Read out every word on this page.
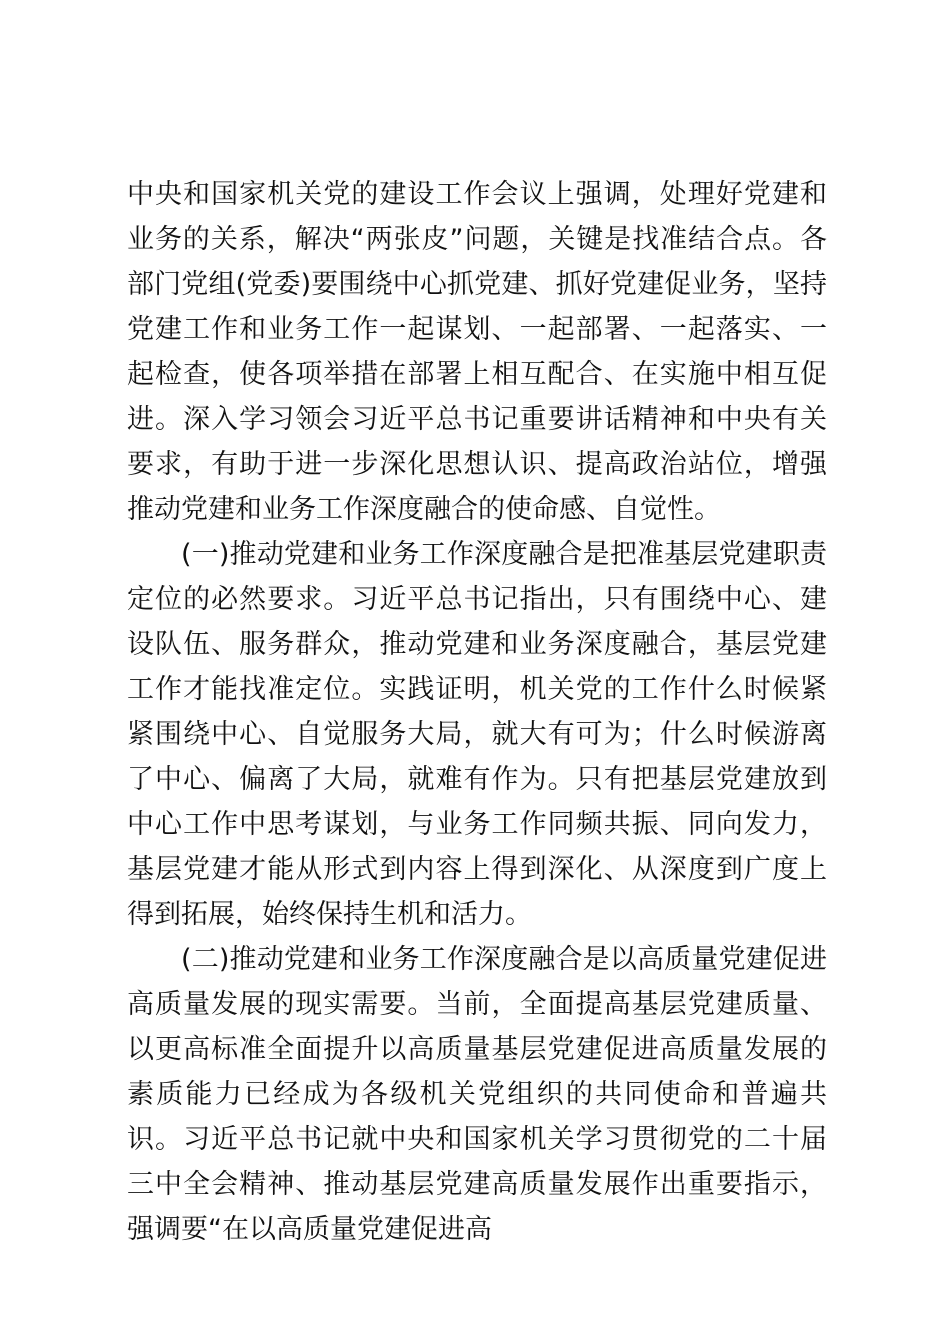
中央和国家机关党的建设工作会议上强调，处理好党建和业务的关系，解决“两张皮”问题，关键是找准结合点。各部门党组(党委)要围绕中心抓党建、抓好党建促业务，坚持党建工作和业务工作一起谋划、一起部署、一起落实、一起检查，使各项举措在部署上相互配合、在实施中相互促进。深入学习领会习近平总书记重要讲话精神和中央有关要求，有助于进一步深化思想认识、提高政治站位，增强推动党建和业务工作深度融合的使命感、自觉性。

(一)推动党建和业务工作深度融合是把准基层党建职责定位的必然要求。习近平总书记指出，只有围绕中心、建设队伍、服务群众，推动党建和业务深度融合，基层党建工作才能找准定位。实践证明，机关党的工作什么时候紧紧围绕中心、自觉服务大局，就大有可为；什么时候游离了中心、偏离了大局，就难有作为。只有把基层党建放到中心工作中思考谋划，与业务工作同频共振、同向发力，基层党建才能从形式到内容上得到深化、从深度到广度上得到拓展，始终保持生机和活力。

(二)推动党建和业务工作深度融合是以高质量党建促进高质量发展的现实需要。当前，全面提高基层党建质量、以更高标准全面提升以高质量基层党建促进高质量发展的素质能力已经成为各级机关党组织的共同使命和普遍共识。习近平总书记就中央和国家机关学习贯彻党的二十届三中全会精神、推动基层党建高质量发展作出重要指示，强调要“在以高质量党建促进高
